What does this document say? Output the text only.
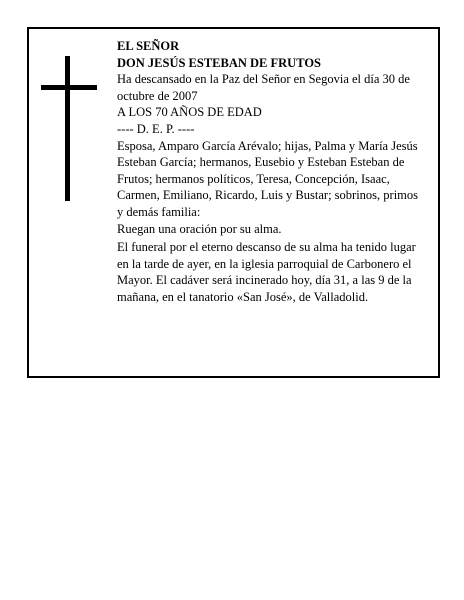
EL SEÑOR

DON JESÚS ESTEBAN DE FRUTOS

Ha descansado en la Paz del Señor en Segovia el día 30 de octubre de 2007

A LOS 70 AÑOS DE EDAD

---- D. E. P. ----

Esposa, Amparo García Arévalo; hijas, Palma y María Jesús Esteban García; hermanos, Eusebio y Esteban Esteban de Frutos; hermanos políticos, Teresa, Concepción, Isaac, Carmen, Emiliano, Ricardo, Luis y Bustar; sobrinos, primos y demás familia:

Ruegan una oración por su alma.

El funeral por el eterno descanso de su alma ha tenido lugar en la tarde de ayer, en la iglesia parroquial de Carbonero el Mayor. El cadáver será incinerado hoy, día 31, a las 9 de la mañana, en el tanatorio «San José», de Valladolid.
